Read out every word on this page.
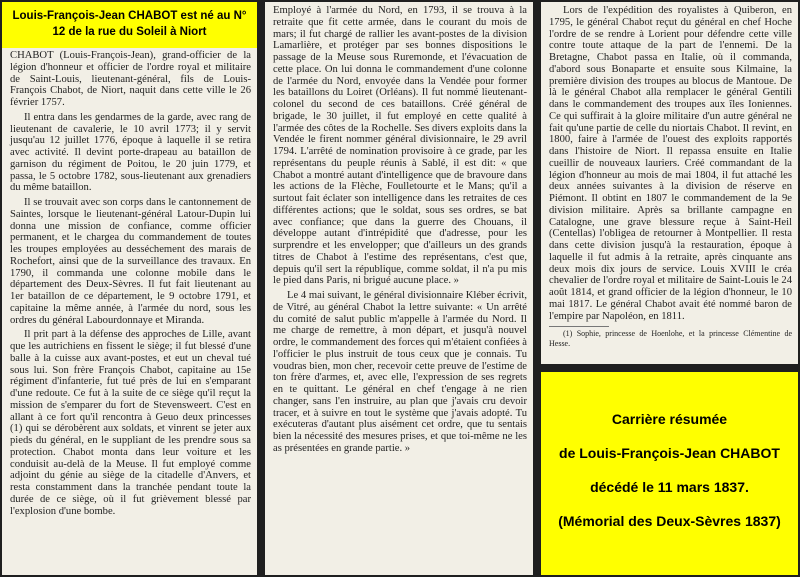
CHABOT (Louis-François-Jean), grand-officier de la légion d'honneur et officier de l'ordre royal et militaire de Saint-Louis, lieutenant-général, fils de Louis-François Chabot, de Niort, naquit dans cette ville le 26 février 1757.

Il entra dans les gendarmes de la garde, avec rang de lieutenant de cavalerie, le 10 avril 1773; il y servit jusqu'au 12 juillet 1776, époque à laquelle il se retira avec activité. Il devint porte-drapeau au bataillon de garnison du régiment de Poitou, le 20 juin 1779, et passa, le 5 octobre 1782, sous-lieutenant aux grenadiers du même bataillon.

Il se trouvait avec son corps dans le cantonnement de Saintes, lorsque le lieutenant-général Latour-Dupin lui donna une mission de confiance, comme officier permanent, et le chargea du commandement de toutes les troupes employées au desséchement des marais de Rochefort, ainsi que de la surveillance des travaux. En 1790, il commanda une colonne mobile dans le département des Deux-Sèvres. Il fut fait lieutenant au 1er bataillon de ce département, le 9 octobre 1791, et capitaine la même année, à l'armée du nord, sous les ordres du général Labourdonnaye et Miranda.

Il prit part à la défense des approches de Lille, avant que les autrichiens en fissent le siège; il fut blessé d'une balle à la cuisse aux avant-postes, et eut un cheval tué sous lui. Son frère François Chabot, capitaine au 15e régiment d'infanterie, fut tué près de lui en s'emparant d'une redoute. Ce fut à la suite de ce siège qu'il reçut la mission de s'emparer du fort de Stevensweert. C'est en allant à ce fort qu'il rencontra à Geuo deux princesses (1) qui se dérobèrent aux soldats, et vinrent se jeter aux pieds du général, en le suppliant de les prendre sous sa protection. Chabot monta dans leur voiture et les conduisit au-delà de la Meuse. Il fut employé comme adjoint du génie au siège de la citadelle d'Anvers, et resta constamment dans la tranchée pendant toute la durée de ce siège, où il fut grièvement blessé par l'explosion d'une bombe.

Louis-François-Jean CHABOT est né au N°
12 de la rue du Soleil à Niort

Employé à l'armée du Nord, en 1793, il se trouva à la retraite que fit cette armée, dans le courant du mois de mars; il fut chargé de rallier les avant-postes de la division Lamarlière, et protéger par ses bonnes dispositions le passage de la Meuse sous Ruremonde, et l'évacuation de cette place. On lui donna le commandement d'une colonne de l'armée du Nord, envoyée dans la Vendée pour former les bataillons du Loiret (Orléans). Il fut nommé lieutenant-colonel du second de ces bataillons. Créé général de brigade, le 30 juillet, il fut employé en cette qualité à l'armée des côtes de la Rochelle. Ses divers exploits dans la Vendée le firent nommer général divisionnaire, le 29 avril 1794. L'arrêté de nomination provisoire à ce grade, par les représentans du peuple réunis à Sablé, il est dit: « que Chabot a montré autant d'intelligence que de bravoure dans les actions de la Flèche, Foulletourte et le Mans; qu'il a surtout fait éclater son intelligence dans les retraites de ces différentes actions; que le soldat, sous ses ordres, se bat avec confiance; que dans la guerre des Chouans, il développe autant d'intrépidité que d'adresse, pour les surprendre et les envelopper; que d'ailleurs un des grands titres de Chabot à l'estime des représentans, c'est que, depuis qu'il sert la république, comme soldat, il n'a pu mis le pied dans Paris, ni brigué aucune place. »

Le 4 mai suivant, le général divisionnaire Kléber écrivit, de Vitré, au général Chabot la lettre suivante: « Un arrêté du comité de salut public m'appelle à l'armée du Nord. Il me charge de remettre, à mon départ, et jusqu'à nouvel ordre, le commandement des forces qui m'étaient confiées à l'officier le plus instruit de tous ceux que je connais. Tu voudras bien, mon cher, recevoir cette preuve de l'estime de ton frère d'armes, et, avec elle, l'expression de ses regrets en te quittant. Le général en chef t'engage à ne rien changer, sans l'en instruire, au plan que j'avais cru devoir tracer, et à suivre en tout le système que j'avais adopté. Tu exécuteras d'autant plus aisément cet ordre, que tu sentais bien la nécessité des mesures prises, et que toi-même ne les as présentées en grande partie. »

Lors de l'expédition des royalistes à Quiberon, en 1795, le général Chabot reçut du général en chef Hoche l'ordre de se rendre à Lorient pour défendre cette ville contre toute attaque de la part de l'ennemi. De la Bretagne, Chabot passa en Italie, où il commanda, d'abord sous Bonaparte et ensuite sous Kilmaine, la première division des troupes au blocus de Mantoue. De là le général Chabot alla remplacer le général Gentili dans le commandement des troupes aux îles Ioniennes. Ce qui suffirait à la gloire militaire d'un autre général ne fait qu'une partie de celle du niortais Chabot. Il revint, en 1800, faire à l'armée de l'ouest des exploits rapportés dans l'histoire de Niort. Il repassa ensuite en Italie cueillir de nouveaux lauriers. Créé commandant de la légion d'honneur au mois de mai 1804, il fut attaché les deux années suivantes à la division de réserve en Piémont. Il obtint en 1807 le commandement de la 9e division militaire. Après sa brillante campagne en Catalogne, une grave blessure reçue à Saint-Heil (Centellas) l'obligea de retourner à Montpellier. Il resta dans cette division jusqu'à la restauration, époque à laquelle il fut admis à la retraite, après cinquante ans deux mois dix jours de service. Louis XVIII le créa chevalier de l'ordre royal et militaire de Saint-Louis le 24 août 1814, et grand officier de la légion d'honneur, le 10 mai 1817. Le général Chabot avait été nommé baron de l'empire par Napoléon, en 1811.

(1) Sophie, princesse de Hoenlohe, et la princesse Clémentine de Hesse.

Carrière résumée
de Louis-François-Jean CHABOT
décédé le 11 mars 1837.
(Mémorial des Deux-Sèvres 1837)
